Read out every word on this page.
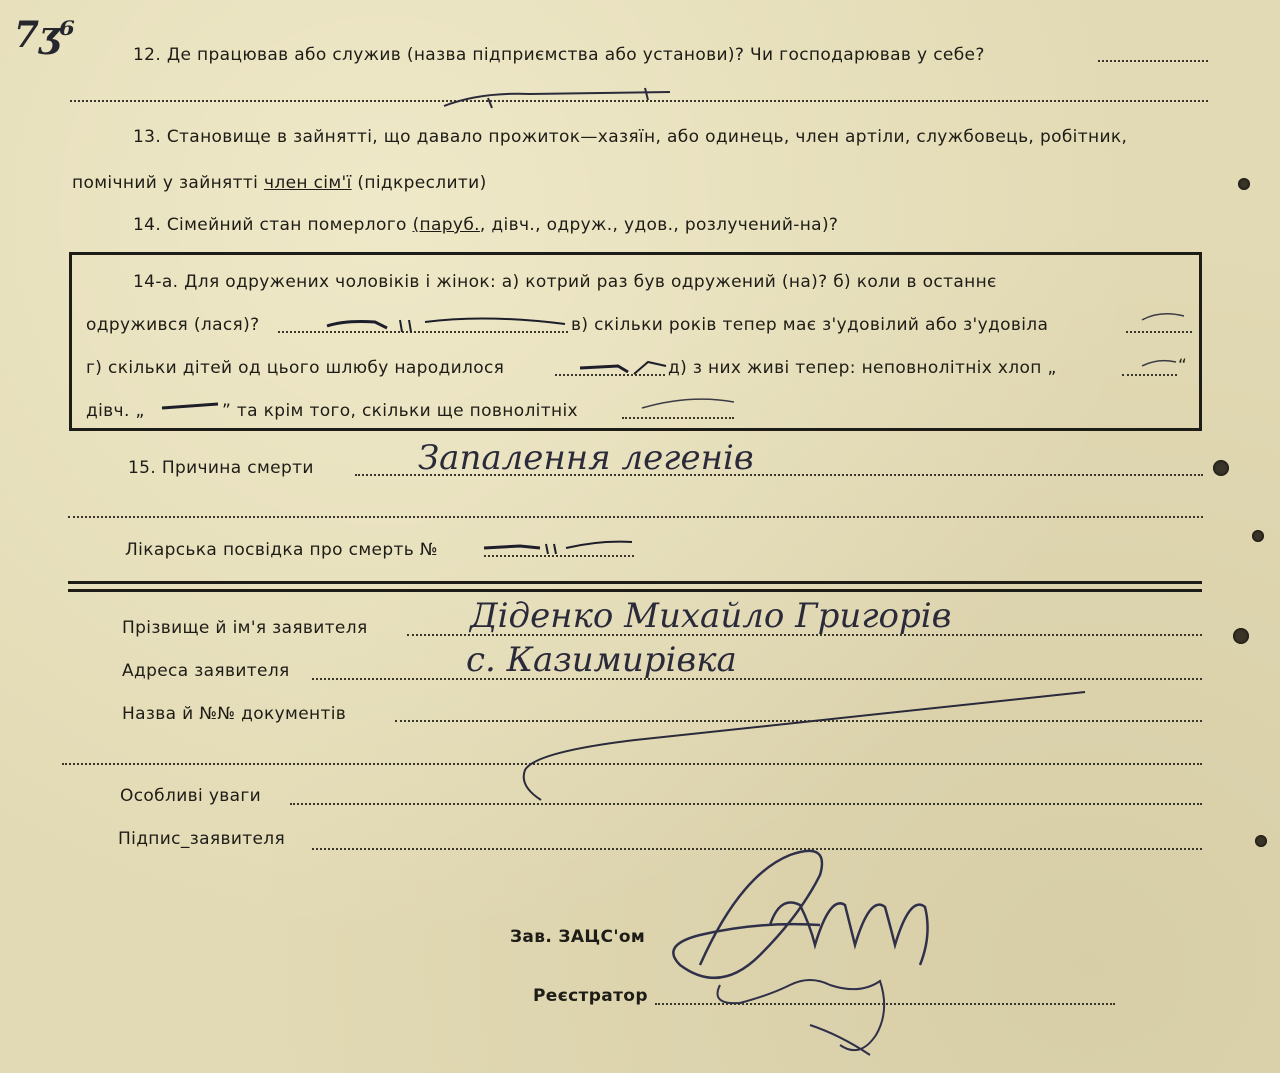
7ʒ⁶	12. Де працював або служив (назва підприємства або установи)? Чи господарював у себе?
13. Становище в зайнятті, що давало прожиток—хазяїн, або одинець, член артіли, службовець, робітник,
помічний у зайнятті член сім'ї (підкреслити)
14. Сімейний стан померлого (паруб., дівч., одруж., удов., розлучений-на)?
14-а. Для одружених чоловіків і жінок: а) котрий раз був одружений (на)? б) коли в останнє
одружився (лася)?	в) скільки років тепер має з'удовілий або з'удовіла
г) скільки дітей од цього шлюбу народилося	д) з них живі тепер: неповнолітніх хлоп „	“
дівч. „	” та крім того, скільки ще повнолітніх
15. Причина смерти	Запалення легенів
Лікарська посвідка про смерть №
Прізвище й ім'я заявителя	Діденко Михайло Григорів
Адреса заявителя	с. Казимирівка
Назва й №№ документів
Особливі уваги
Підпис_заявителя
Зав. ЗАЦС'ом
Реєстратор
